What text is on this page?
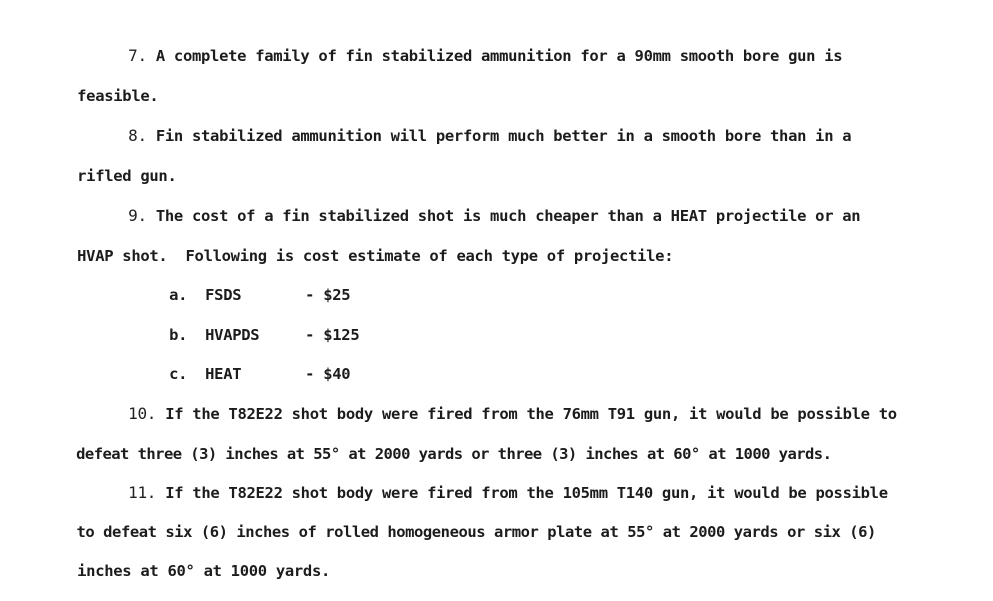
7. A complete family of fin stabilized ammunition for a 90mm smooth bore gun is

feasible.

8. Fin stabilized ammunition will perform much better in a smooth bore than in a

rifled gun.

9. The cost of a fin stabilized shot is much cheaper than a HEAT projectile or an

HVAP shot.  Following is cost estimate of each type of projectile:

a. FSDS	- $25

b. HVAPDS	- $125

c. HEAT	- $40

10. If the T82E22 shot body were fired from the 76mm T91 gun, it would be possible to

defeat three (3) inches at 55° at 2000 yards or three (3) inches at 60° at 1000 yards.

11. If the T82E22 shot body were fired from the 105mm T140 gun, it would be possible

to defeat six (6) inches of rolled homogeneous armor plate at 55° at 2000 yards or six (6)

inches at 60° at 1000 yards.
